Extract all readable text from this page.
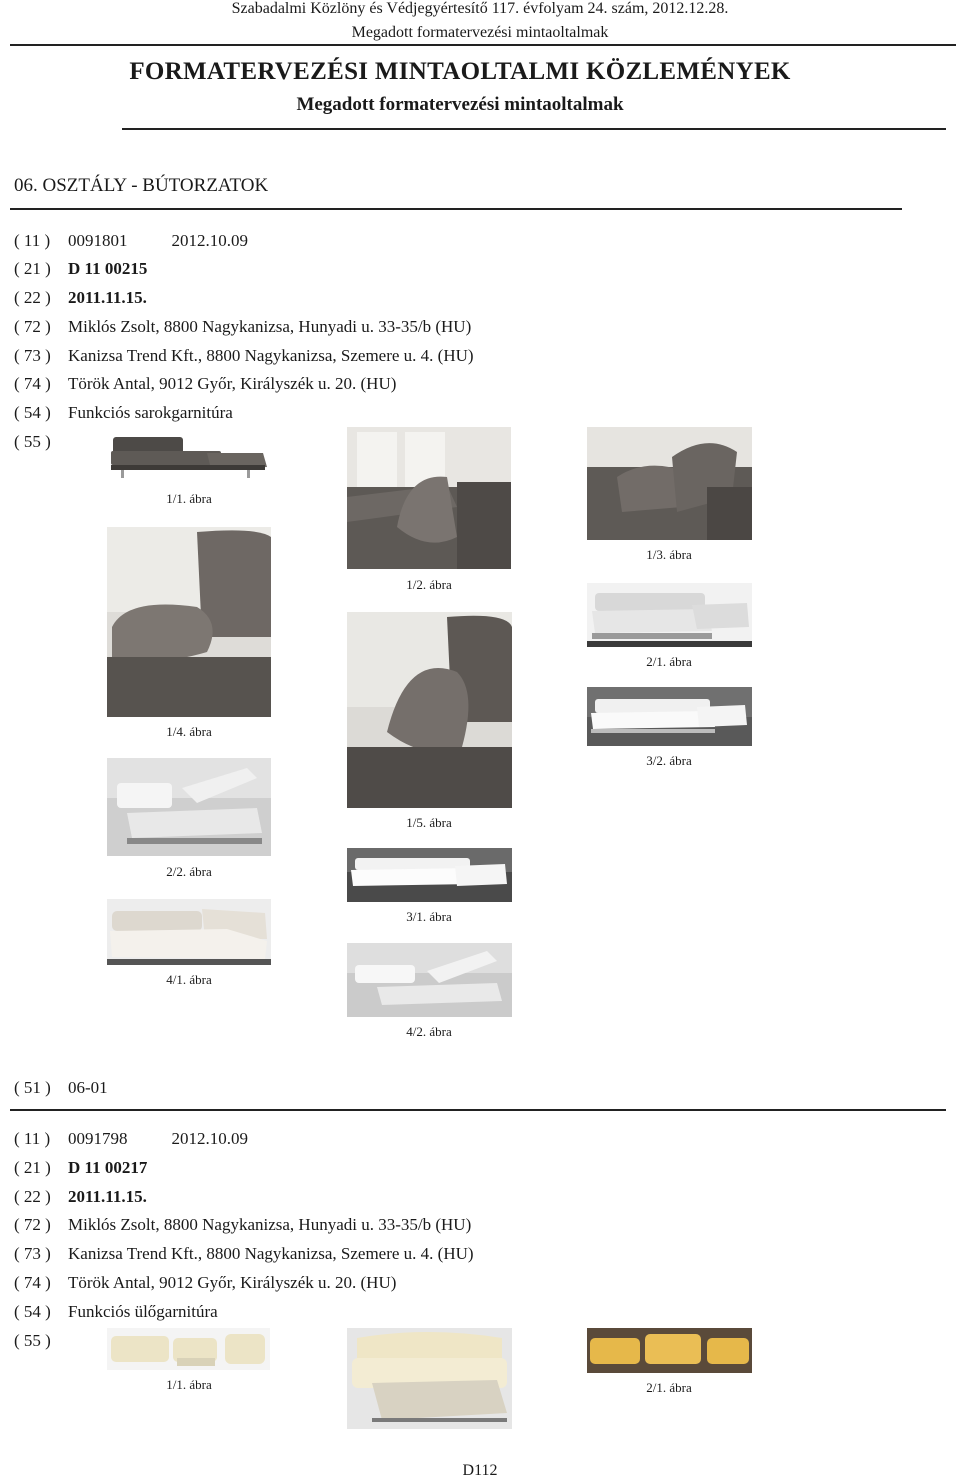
Szabadalmi Közlöny és Védjegyértesítő 117. évfolyam 24. szám, 2012.12.28.
Megadott formatervezési mintaoltalmak
FORMATERVEZÉSI MINTAOLTALMI KÖZLEMÉNYEK
Megadott formatervezési mintaoltalmak
06. OSZTÁLY - BÚTORZATOK
( 11 ) 0091801	2012.10.09
( 21 ) D 11 00215
( 22 ) 2011.11.15.
( 72 ) Miklós Zsolt, 8800 Nagykanizsa, Hunyadi u. 33-35/b (HU)
( 73 ) Kanizsa Trend Kft., 8800 Nagykanizsa, Szemere u. 4. (HU)
( 74 ) Török Antal, 9012 Győr, Királyszék u. 20. (HU)
( 54 ) Funkciós sarokgarnitúra
( 55 )
1/1. ábra
1/2. ábra
1/3. ábra
1/4. ábra
1/5. ábra
2/1. ábra
3/2. ábra
2/2. ábra
3/1. ábra
4/1. ábra
4/2. ábra
( 51 ) 06-01
( 11 ) 0091798	2012.10.09
( 21 ) D 11 00217
( 22 ) 2011.11.15.
( 72 ) Miklós Zsolt, 8800 Nagykanizsa, Hunyadi u. 33-35/b (HU)
( 73 ) Kanizsa Trend Kft., 8800 Nagykanizsa, Szemere u. 4. (HU)
( 74 ) Török Antal, 9012 Győr, Királyszék u. 20. (HU)
( 54 ) Funkciós ülőgarnitúra
( 55 )
1/1. ábra	2/1. ábra
D112
